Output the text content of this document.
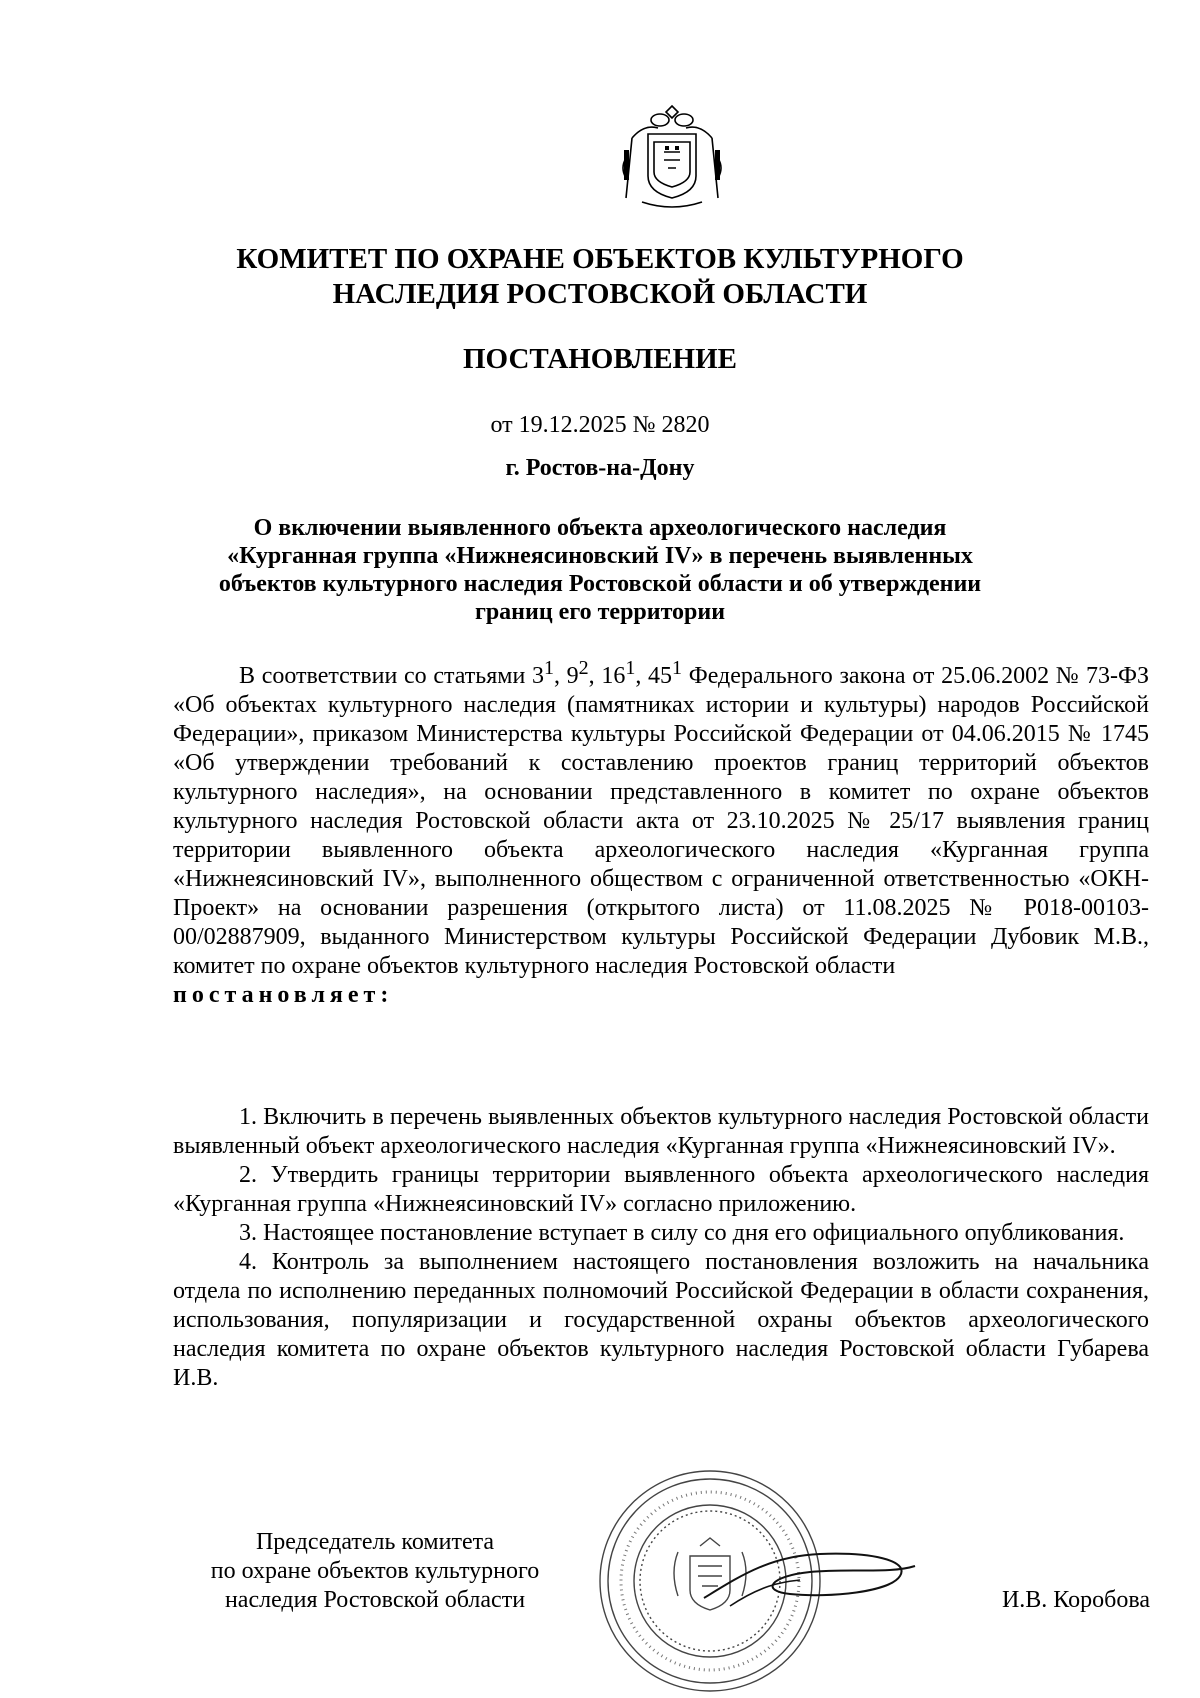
КОМИТЕТ ПО ОХРАНЕ ОБЪЕКТОВ КУЛЬТУРНОГО
НАСЛЕДИЯ РОСТОВСКОЙ ОБЛАСТИ
ПОСТАНОВЛЕНИЕ
от 19.12.2025 № 2820
г. Ростов-на-Дону
О включении выявленного объекта археологического наследия
«Курганная группа «Нижнеясиновский IV» в перечень выявленных
объектов культурного наследия Ростовской области и об утверждении
границ его территории

В соответствии со статьями $3^1$, $9^2$, $16^1$, $45^1$ Федерального закона от 25.06.2002 № 73-ФЗ «Об объектах культурного наследия (памятниках истории и культуры) народов Российской Федерации», приказом Министерства культуры Российской Федерации от 04.06.2015 № 1745 «Об утверждении требований к составлению проектов границ территорий объектов культурного наследия», на основании представленного в комитет по охране объектов культурного наследия Ростовской области акта от 23.10.2025 № 25/17 выявления границ территории выявленного объекта археологического наследия «Курганная группа «Нижнеясиновский IV», выполненного обществом с ограниченной ответственностью «ОКН-Проект» на основании разрешения (открытого листа) от 11.08.2025 № Р018-00103-00/02887909, выданного Министерством культуры Российской Федерации Дубовик М.В., комитет по охране объектов культурного наследия Ростовской области

постановляет:

1. Включить в перечень выявленных объектов культурного наследия Ростовской области выявленный объект археологического наследия «Курганная группа «Нижнеясиновский IV».

2. Утвердить границы территории выявленного объекта археологического наследия «Курганная группа «Нижнеясиновский IV» согласно приложению.

3. Настоящее постановление вступает в силу со дня его официального опубликования.

4. Контроль за выполнением настоящего постановления возложить на начальника отдела по исполнению переданных полномочий Российской Федерации в области сохранения, использования, популяризации и государственной охраны объектов археологического наследия комитета по охране объектов культурного наследия Ростовской области Губарева И.В.

Председатель комитета
по охране объектов культурного
наследия Ростовской области	И.В. Коробова
